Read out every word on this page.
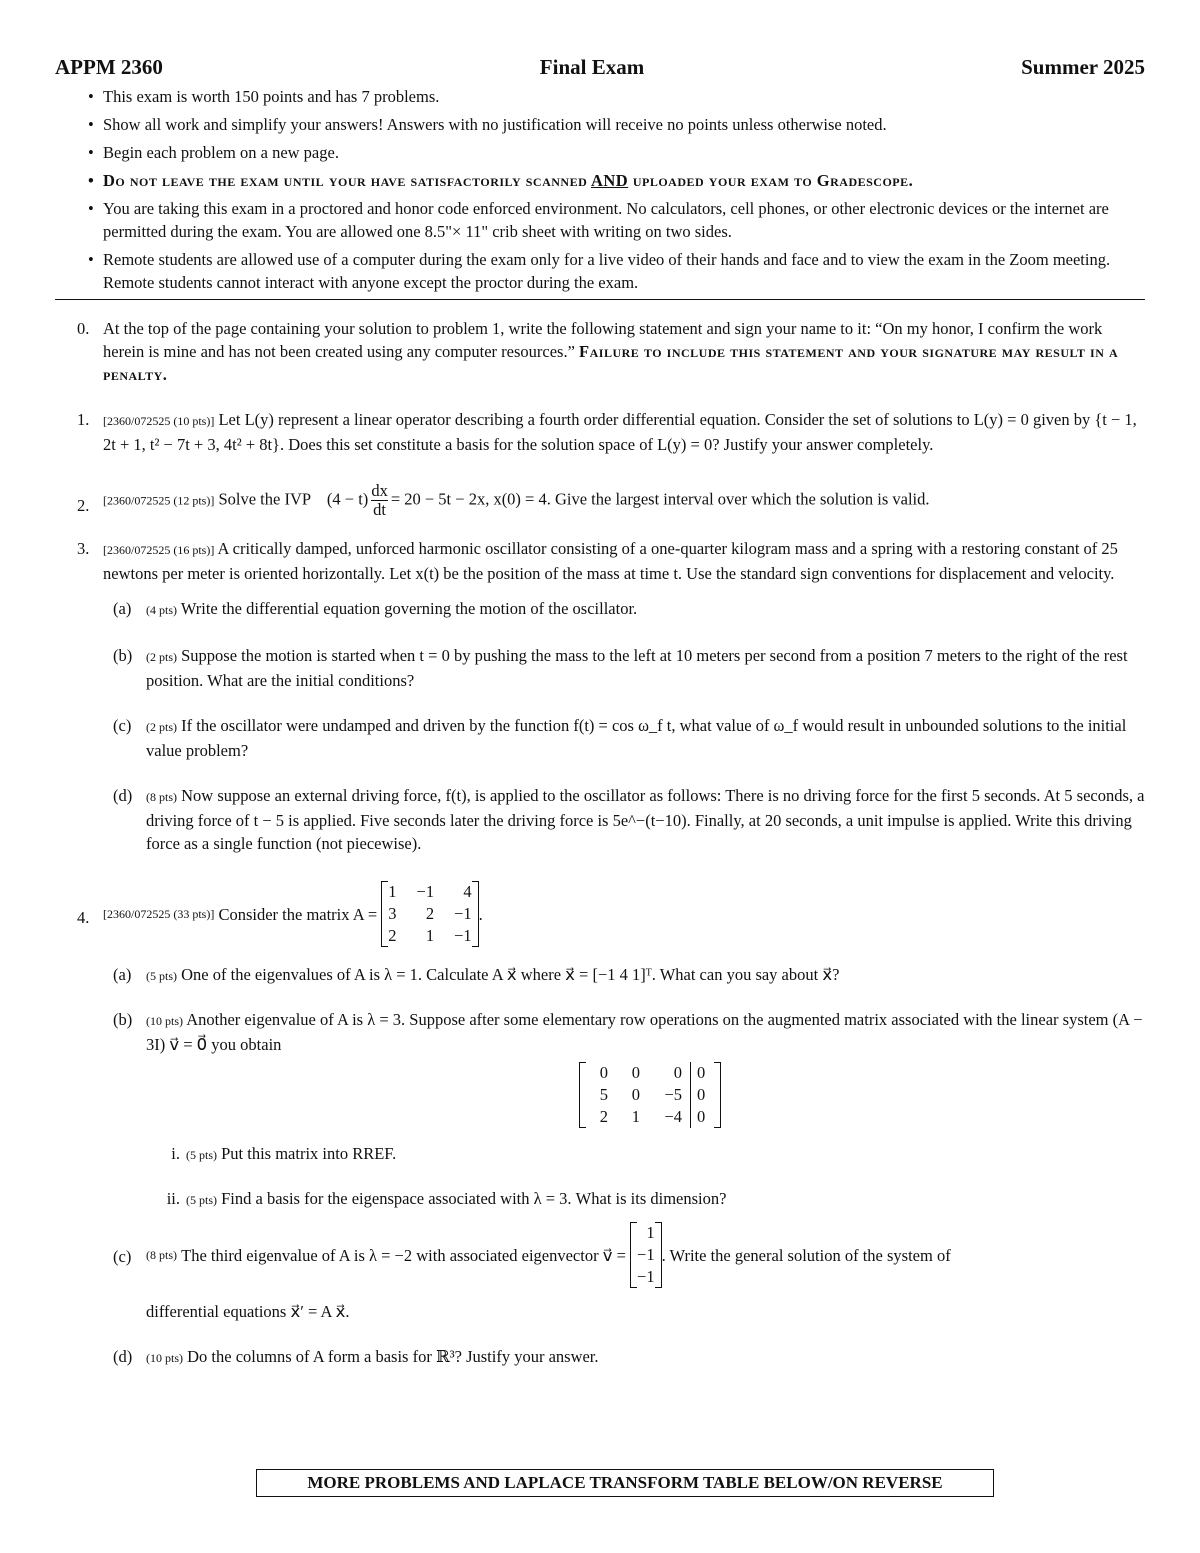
APPM 2360	Final Exam	Summer 2025
• This exam is worth 150 points and has 7 problems.
• Show all work and simplify your answers! Answers with no justification will receive no points unless otherwise noted.
• Begin each problem on a new page.
• Do not leave the exam until your have satisfactorily scanned AND uploaded your exam to Gradescope.
• You are taking this exam in a proctored and honor code enforced environment. No calculators, cell phones, or other electronic devices or the internet are permitted during the exam. You are allowed one 8.5"× 11" crib sheet with writing on two sides.
• Remote students are allowed use of a computer during the exam only for a live video of their hands and face and to view the exam in the Zoom meeting. Remote students cannot interact with anyone except the proctor during the exam.
0. At the top of the page containing your solution to problem 1, write the following statement and sign your name to it: “On my honor, I confirm the work herein is mine and has not been created using any computer resources.” Failure to include this statement and your signature may result in a penalty.
1. [2360/072525 (10 pts)] Let L(y) represent a linear operator describing a fourth order differential equation. Consider the set of solutions to L(y) = 0 given by {t − 1, 2t + 1, t² − 7t + 3, 4t² + 8t}. Does this set constitute a basis for the solution space of L(y) = 0? Justify your answer completely.
2. [2360/072525 (12 pts)] Solve the IVP $(4 - t) \frac{dx}{dt} = 20 - 5t - 2x$, x(0) = 4. Give the largest interval over which the solution is valid.
3. [2360/072525 (16 pts)] A critically damped, unforced harmonic oscillator consisting of a one-quarter kilogram mass and a spring with a restoring constant of 25 newtons per meter is oriented horizontally. Let x(t) be the position of the mass at time t. Use the standard sign conventions for displacement and velocity.
(a) (4 pts) Write the differential equation governing the motion of the oscillator.
(b) (2 pts) Suppose the motion is started when t = 0 by pushing the mass to the left at 10 meters per second from a position 7 meters to the right of the rest position. What are the initial conditions?
(c) (2 pts) If the oscillator were undamped and driven by the function f(t) = cos ω_f t, what value of ω_f would result in unbounded solutions to the initial value problem?
(d) (8 pts) Now suppose an external driving force, f(t), is applied to the oscillator as follows: There is no driving force for the first 5 seconds. At 5 seconds, a driving force of t − 5 is applied. Five seconds later the driving force is 5e^−(t−10). Finally, at 20 seconds, a unit impulse is applied. Write this driving force as a single function (not piecewise).
4. [2360/072525 (33 pts)]
Consider the matrix A =

1 −1	4
3	2 −1
2	1 −1
.
(a) (5 pts) One of the eigenvalues of A is λ = 1. Calculate A x⃗ where x⃗ = [−1 4 1]ᵀ. What can you say about x⃗?
(b) (10 pts) Another eigenvalue of A is λ = 3. Suppose after some elementary row operations on the augmented matrix associated with the linear system (A − 3I) v⃗ = 0⃗ you obtain
0	0	0 0
5	0	−5 0
2	1	−4 0
i. (5 pts) Put this matrix into RREF.
ii. (5 pts) Find a basis for the eigenspace associated with λ = 3. What is its dimension?
(c) (8 pts)
The third eigenvalue of A is λ = −2 with associated eigenvector v⃗ =

1
−1
−1
. Write the general solution of the system of
differential equations x⃗′ = A x⃗.
(d) (10 pts) Do the columns of A form a basis for ℝ³? Justify your answer.
MORE PROBLEMS AND LAPLACE TRANSFORM TABLE BELOW/ON REVERSE
